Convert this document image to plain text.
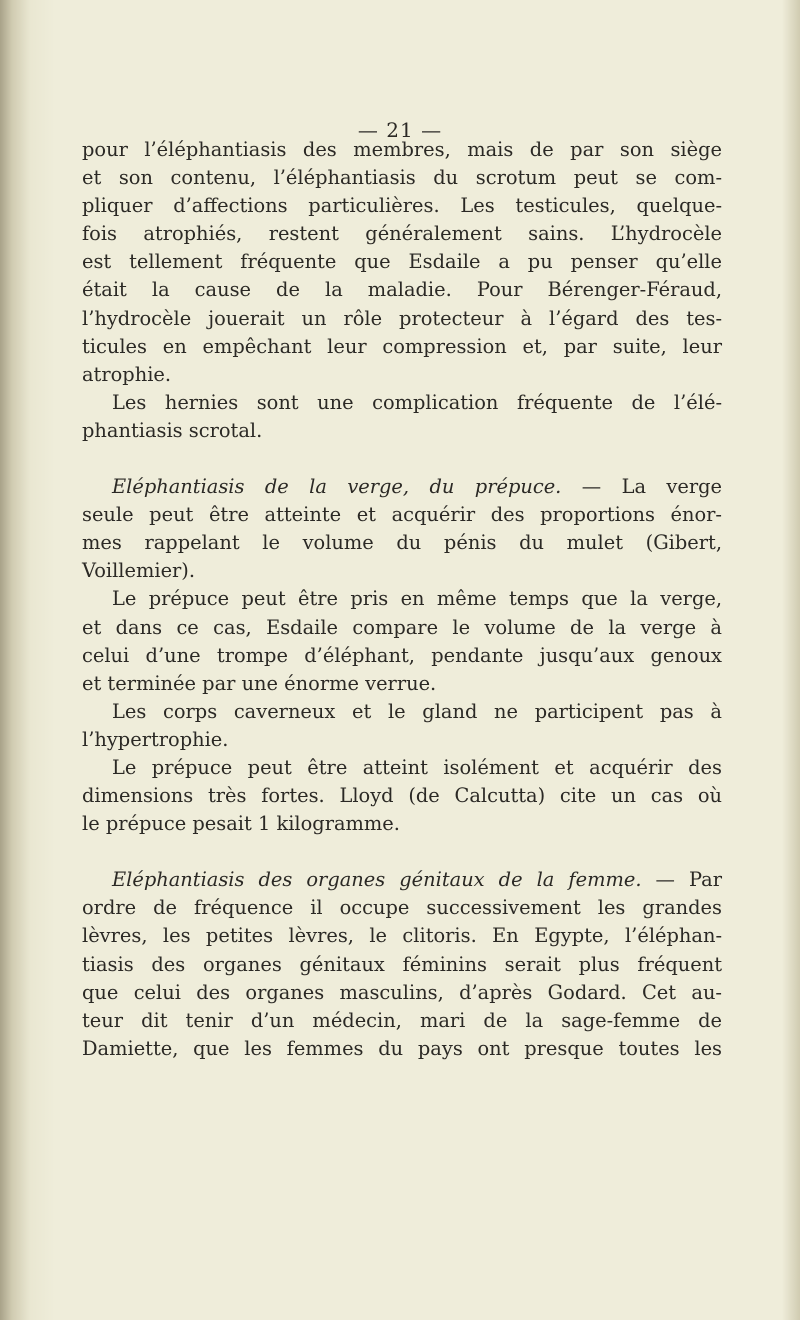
— 21 —
pour l’éléphantiasis des membres, mais de par son siège
et son contenu, l’éléphantiasis du scrotum peut se com-
pliquer d’affections particulières. Les testicules, quelque-
fois atrophiés, restent généralement sains. L’hydrocèle
est tellement fréquente que Esdaile a pu penser qu’elle
était la cause de la maladie. Pour Bérenger-Féraud,
l’hydrocèle jouerait un rôle protecteur à l’égard des tes-
ticules en empêchant leur compression et, par suite, leur
atrophie.
Les hernies sont une complication fréquente de l’élé-
phantiasis scrotal.
Eléphantiasis de la verge, du prépuce. — La verge
seule peut être atteinte et acquérir des proportions énor-
mes rappelant le volume du pénis du mulet (Gibert,
Voillemier).
Le prépuce peut être pris en même temps que la verge,
et dans ce cas, Esdaile compare le volume de la verge à
celui d’une trompe d’éléphant, pendante jusqu’aux genoux
et terminée par une énorme verrue.
Les corps caverneux et le gland ne participent pas à
l’hypertrophie.
Le prépuce peut être atteint isolément et acquérir des
dimensions très fortes. Lloyd (de Calcutta) cite un cas où
le prépuce pesait 1 kilogramme.
Eléphantiasis des organes génitaux de la femme. — Par
ordre de fréquence il occupe successivement les grandes
lèvres, les petites lèvres, le clitoris. En Egypte, l’éléphan-
tiasis des organes génitaux féminins serait plus fréquent
que celui des organes masculins, d’après Godard. Cet au-
teur dit tenir d’un médecin, mari de la sage-femme de
Damiette, que les femmes du pays ont presque toutes les
